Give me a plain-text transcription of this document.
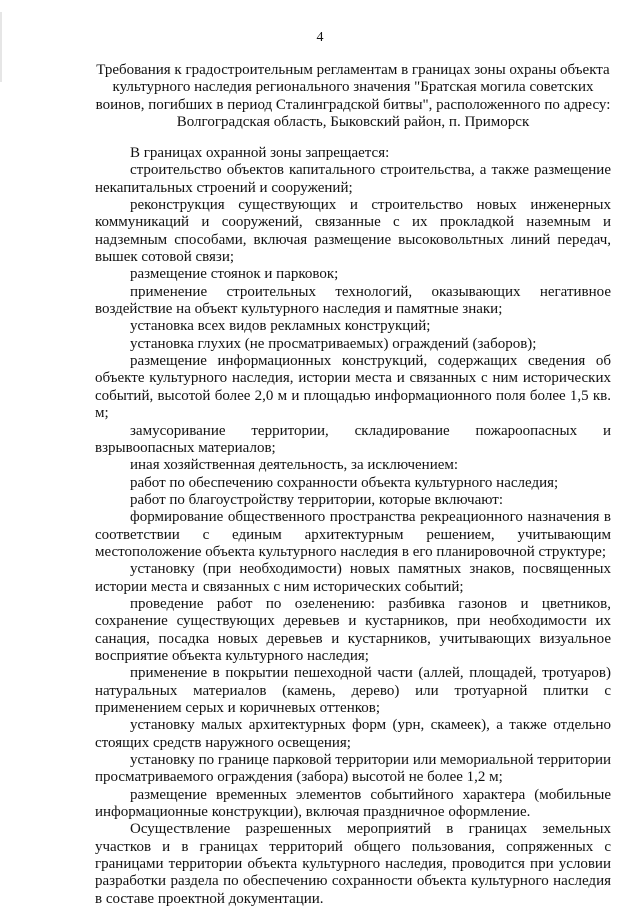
4
Требования к градостроительным регламентам в границах зоны охраны объекта культурного наследия регионального значения "Братская могила советских воинов, погибших в период Сталинградской битвы", расположенного по адресу: Волгоградская область, Быковский район, п. Приморск

В границах охранной зоны запрещается:

строительство объектов капитального строительства, а также размещение некапитальных строений и сооружений;

реконструкция существующих и строительство новых инженерных коммуникаций и сооружений, связанные с их прокладкой наземным и надземным способами, включая размещение высоковольтных линий передач, вышек сотовой связи;

размещение стоянок и парковок;

применение строительных технологий, оказывающих негативное воздействие на объект культурного наследия и памятные знаки;

установка всех видов рекламных конструкций;

установка глухих (не просматриваемых) ограждений (заборов);

размещение информационных конструкций, содержащих сведения об объекте культурного наследия, истории места и связанных с ним исторических событий, высотой более 2,0 м и площадью информационного поля более 1,5 кв. м;

замусоривание территории, складирование пожароопасных и взрывоопасных материалов;

иная хозяйственная деятельность, за исключением:

работ по обеспечению сохранности объекта культурного наследия;

работ по благоустройству территории, которые включают:

формирование общественного пространства рекреационного назначения в соответствии с единым архитектурным решением, учитывающим местоположение объекта культурного наследия в его планировочной структуре;

установку (при необходимости) новых памятных знаков, посвященных истории места и связанных с ним исторических событий;

проведение работ по озеленению: разбивка газонов и цветников, сохранение существующих деревьев и кустарников, при необходимости их санация, посадка новых деревьев и кустарников, учитывающих визуальное восприятие объекта культурного наследия;

применение в покрытии пешеходной части (аллей, площадей, тротуаров) натуральных материалов (камень, дерево) или тротуарной плитки с применением серых и коричневых оттенков;

установку малых архитектурных форм (урн, скамеек), а также отдельно стоящих средств наружного освещения;

установку по границе парковой территории или мемориальной территории просматриваемого ограждения (забора) высотой не более 1,2 м;

размещение временных элементов событийного характера (мобильные информационные конструкции), включая праздничное оформление.

Осуществление разрешенных мероприятий в границах земельных участков и в границах территорий общего пользования, сопряженных с границами территории объекта культурного наследия, проводится при условии разработки раздела по обеспечению сохранности объекта культурного наследия в составе проектной документации.
